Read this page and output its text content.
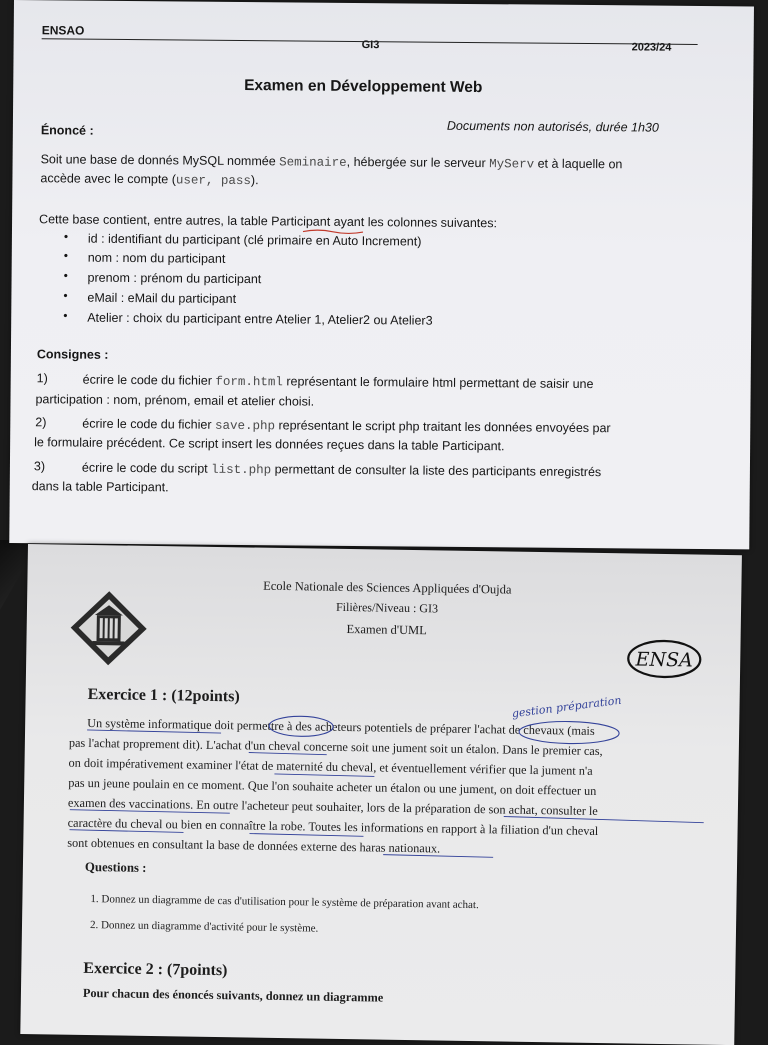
ENSAO
GI3	2023/24
Examen en Développement Web
Documents non autorisés, durée 1h30
Énoncé :
Soit une base de donnés MySQL nommée Seminaire, hébergée sur le serveur MyServ et à laquelle on
accède avec le compte (user, pass).
Cette base contient, entre autres, la table Participant ayant les colonnes suivantes:
• id : identifiant du participant (clé primaire en Auto Increment)
• nom : nom du participant
• prenom : prénom du participant
• eMail : eMail du participant
• Atelier : choix du participant entre Atelier 1, Atelier2 ou Atelier3
Consignes :
1)	écrire le code du fichier form.html représentant le formulaire html permettant de saisir une
participation : nom, prénom, email et atelier choisi.
2)	écrire le code du fichier save.php représentant le script php traitant les données envoyées par
le formulaire précédent. Ce script insert les données reçues dans la table Participant.
3)	écrire le code du script list.php permettant de consulter la liste des participants enregistrés
dans la table Participant.
Ecole Nationale des Sciences Appliquées d'Oujda
Filières/Niveau : GI3
Examen d'UML
ENSA
Exercice 1 : (12points)	gestion préparation
Un système informatique doit permettre à des acheteurs potentiels de préparer l'achat de chevaux (mais
pas l'achat proprement dit). L'achat d'un cheval concerne soit une jument soit un étalon. Dans le premier cas,
on doit impérativement examiner l'état de maternité du cheval, et éventuellement vérifier que la jument n'a
pas un jeune poulain en ce moment. Que l'on souhaite acheter un étalon ou une jument, on doit effectuer un
examen des vaccinations. En outre l'acheteur peut souhaiter, lors de la préparation de son achat, consulter le
caractère du cheval ou bien en connaître la robe. Toutes les informations en rapport à la filiation d'un cheval
sont obtenues en consultant la base de données externe des haras nationaux.
Questions :
1. Donnez un diagramme de cas d'utilisation pour le système de préparation avant achat.
2. Donnez un diagramme d'activité pour le système.
Exercice 2 : (7points)
Pour chacun des énoncés suivants, donnez un diagramme
